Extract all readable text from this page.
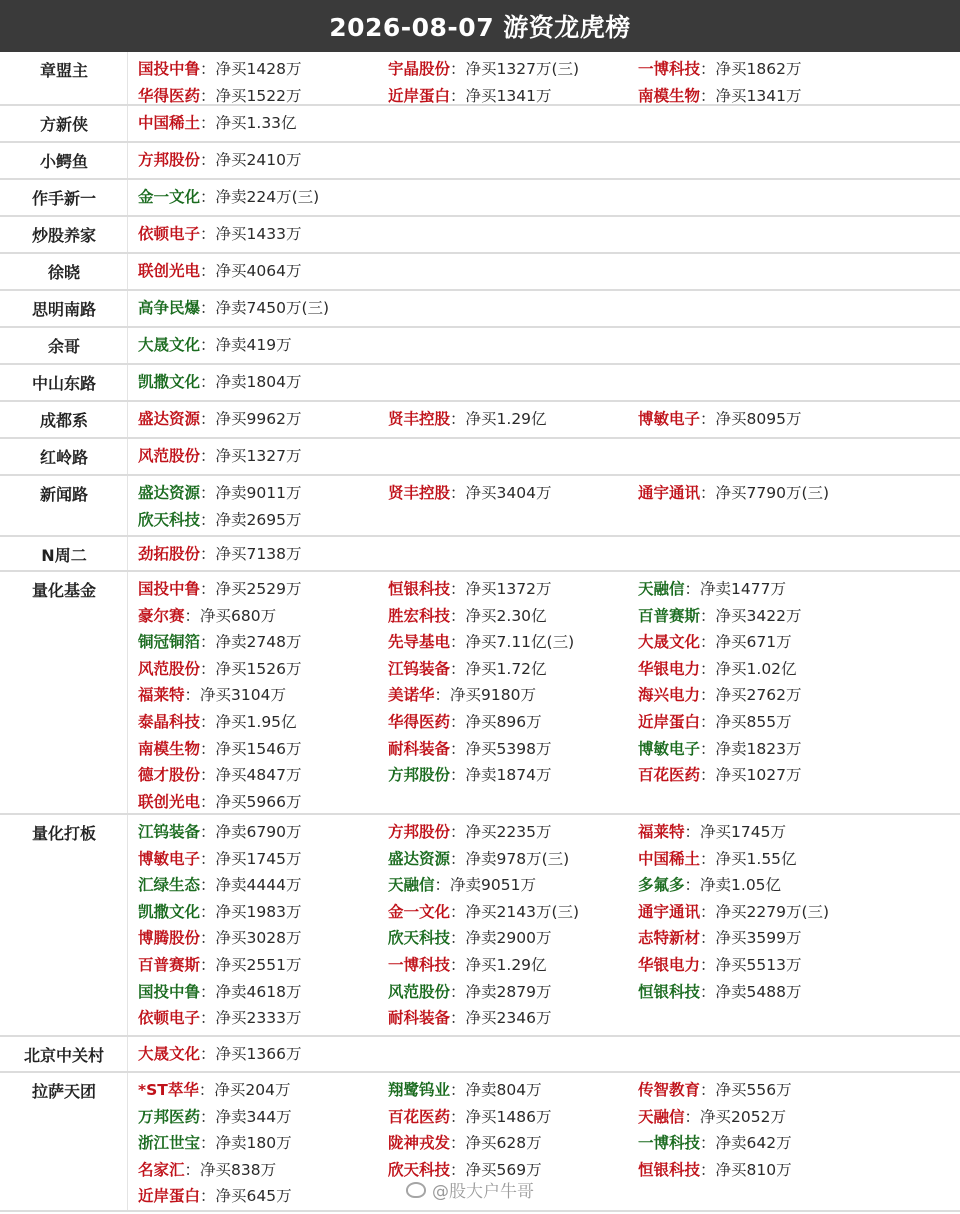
2026-08-07 游资龙虎榜
章盟主	国投中鲁：净买1428万	宇晶股份：净买1327万(三)	一博科技：净买1862万
华得医药：净买1522万	近岸蛋白：净买1341万	南模生物：净买1341万
方新侠	中国稀土：净买1.33亿
小鳄鱼	方邦股份：净买2410万
作手新一	金一文化：净卖224万(三)
炒股养家	依顿电子：净买1433万
徐晓	联创光电：净买4064万
思明南路	高争民爆：净卖7450万(三)
余哥	大晟文化：净卖419万
中山东路	凯撒文化：净卖1804万
成都系	盛达资源：净买9962万	贤丰控股：净买1.29亿	博敏电子：净买8095万
红岭路	风范股份：净买1327万
新闻路	盛达资源：净卖9011万	贤丰控股：净买3404万	通宇通讯：净买7790万(三)
欣天科技：净卖2695万
N周二	劲拓股份：净买7138万
量化基金	国投中鲁：净买2529万	恒银科技：净买1372万	天融信：净卖1477万
豪尔赛：净买680万	胜宏科技：净买2.30亿	百普赛斯：净买3422万
铜冠铜箔：净卖2748万	先导基电：净买7.11亿(三)	大晟文化：净买671万
风范股份：净买1526万	江钨装备：净买1.72亿	华银电力：净买1.02亿
福莱特：净买3104万	美诺华：净买9180万	海兴电力：净买2762万
泰晶科技：净买1.95亿	华得医药：净买896万	近岸蛋白：净买855万
南模生物：净买1546万	耐科装备：净买5398万	博敏电子：净卖1823万
德才股份：净买4847万	方邦股份：净卖1874万	百花医药：净买1027万
联创光电：净买5966万
量化打板	江钨装备：净卖6790万	方邦股份：净买2235万	福莱特：净买1745万
博敏电子：净买1745万	盛达资源：净卖978万(三)	中国稀土：净买1.55亿
汇绿生态：净卖4444万	天融信：净卖9051万	多氟多：净卖1.05亿
凯撒文化：净买1983万	金一文化：净买2143万(三)	通宇通讯：净买2279万(三)
博腾股份：净买3028万	欣天科技：净卖2900万	志特新材：净买3599万
百普赛斯：净买2551万	一博科技：净买1.29亿	华银电力：净买5513万
国投中鲁：净卖4618万	风范股份：净卖2879万	恒银科技：净卖5488万
依顿电子：净买2333万	耐科装备：净买2346万
北京中关村	大晟文化：净买1366万
拉萨天团	*ST萃华：净买204万	翔鹭钨业：净卖804万	传智教育：净买556万
万邦医药：净卖344万	百花医药：净买1486万	天融信：净买2052万
浙江世宝：净卖180万	陇神戎发：净买628万	一博科技：净卖642万
名家汇：净买838万	欣天科技：净买569万	恒银科技：净买810万
近岸蛋白：净买645万	@股大户牛哥
